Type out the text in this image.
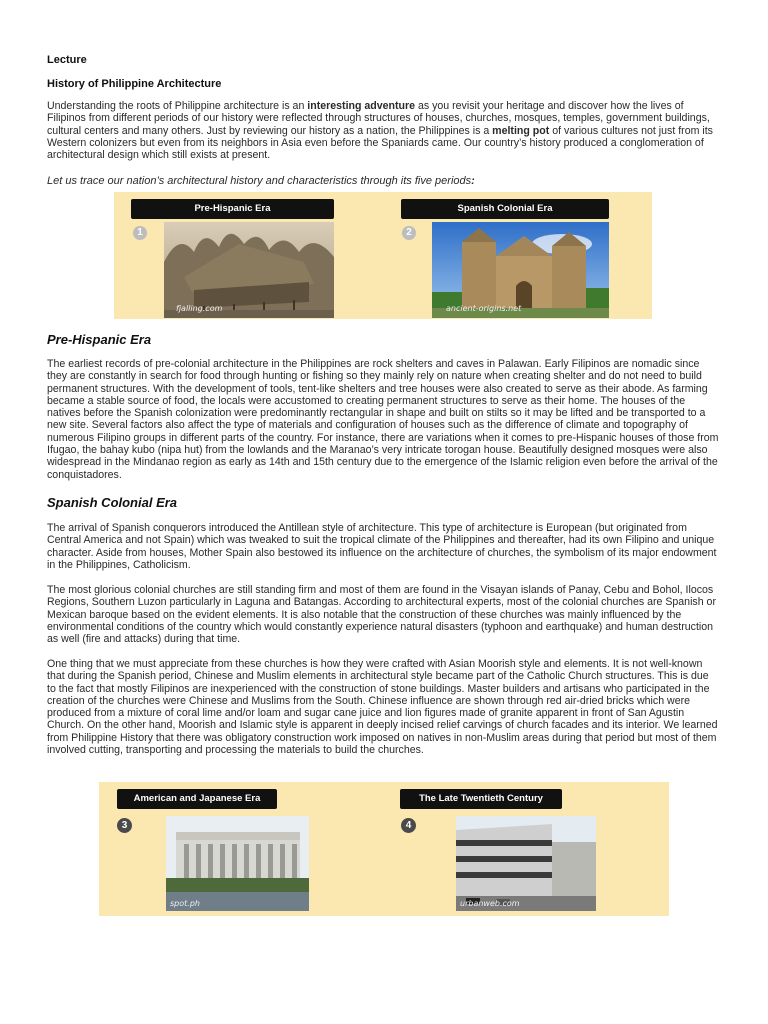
Lecture
History of Philippine Architecture

Understanding the roots of Philippine architecture is an interesting adventure as you revisit your heritage and discover how the lives of Filipinos from different periods of our history were reflected through structures of houses, churches, mosques, temples, government buildings, cultural centers and many others. Just by reviewing our history as a nation, the Philippines is a melting pot of various cultures not just from its Western colonizers but even from its neighbors in Asia even before the Spaniards came. Our country’s history produced a conglomeration of architectural design which still exists at present.

Let us trace our nation’s architectural history and characteristics through its five periods:

Pre-Hispanic Era
1
fjalling.com
Spanish Colonial Era
2
ancient-origins.net
Pre-Hispanic Era

The earliest records of pre-colonial architecture in the Philippines are rock shelters and caves in Palawan. Early Filipinos are nomadic since they are constantly in search for food through hunting or fishing so they mainly rely on nature when creating shelter and do not need to build permanent structures. With the development of tools, tent-like shelters and tree houses were also created to serve as their abode. As farming became a stable source of food, the locals were accustomed to creating permanent structures to serve as their home. The houses of the natives before the Spanish colonization were predominantly rectangular in shape and built on stilts so it may be lifted and be transported to a new site. Several factors also affect the type of materials and configuration of houses such as the difference of climate and topography of numerous Filipino groups in different parts of the country. For instance, there are variations when it comes to pre-Hispanic houses of those from Ifugao, the bahay kubo (nipa hut) from the lowlands and the Maranao’s very intricate torogan house. Beautifully designed mosques were also widespread in the Mindanao region as early as 14th and 15th century due to the emergence of the Islamic religion even before the arrival of the conquistadores.

Spanish Colonial Era

The arrival of Spanish conquerors introduced the Antillean style of architecture. This type of architecture is European (but originated from Central America and not Spain) which was tweaked to suit the tropical climate of the Philippines and thereafter, had its own Filipino and unique character. Aside from houses, Mother Spain also bestowed its influence on the architecture of churches, the symbolism of its major endowment in the Philippines, Catholicism.

The most glorious colonial churches are still standing firm and most of them are found in the Visayan islands of Panay, Cebu and Bohol, Ilocos Regions, Southern Luzon particularly in Laguna and Batangas. According to architectural experts, most of the colonial churches are Spanish or Mexican baroque based on the evident elements. It is also notable that the construction of these churches was mainly influenced by the environmental conditions of the country which would constantly experience natural disasters (typhoon and earthquake) and human destruction as well (fire and attacks) during that time.

One thing that we must appreciate from these churches is how they were crafted with Asian Moorish style and elements. It is not well-known that during the Spanish period, Chinese and Muslim elements in architectural style became part of the Catholic Church structures. This is due to the fact that mostly Filipinos are inexperienced with the construction of stone buildings. Master builders and artisans who participated in the creation of the churches were Chinese and Muslims from the South. Chinese influence are shown through red air-dried bricks which were produced from a mixture of coral lime and/or loam and sugar cane juice and lion figures made of granite apparent in front of San Agustin Church. On the other hand, Moorish and Islamic style is apparent in deeply incised relief carvings of church facades and its interior. We learned from Philippine History that there was obligatory construction work imposed on natives in non-Muslim areas during that period but most of them involved cutting, transporting and processing the materials to build the churches.

American and Japanese Era
3
spot.ph
The Late Twentieth Century
4
urbanweb.com
